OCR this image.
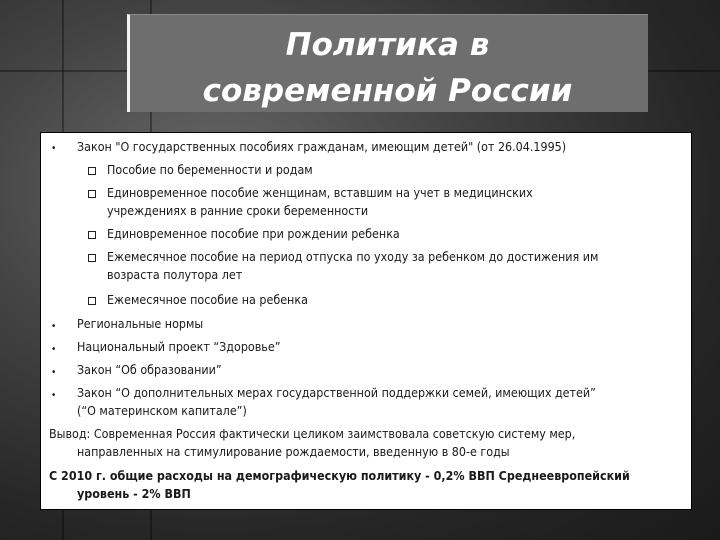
Политика в
современной России
• Закон "О государственных пособиях гражданам, имеющим детей" (от 26.04.1995)
Пособие по беременности и родам
Единовременное пособие женщинам, вставшим на учет в медицинских
учреждениях в ранние сроки беременности
Единовременное пособие при рождении ребенка
Ежемесячное пособие на период отпуска по уходу за ребенком до достижения им
возраста полутора лет
Ежемесячное пособие на ребенка
• Региональные нормы
• Национальный проект “Здоровье”
• Закон “Об образовании”
• Закон “О дополнительных мерах государственной поддержки семей, имеющих детей”
(“О материнском капитале”)
Вывод: Современная Россия фактически целиком заимствовала советскую систему мер,
направленных на стимулирование рождаемости, введенную в 80-е годы
С 2010 г. общие расходы на демографическую политику - 0,2% ВВП Среднеевропейский
уровень - 2% ВВП
